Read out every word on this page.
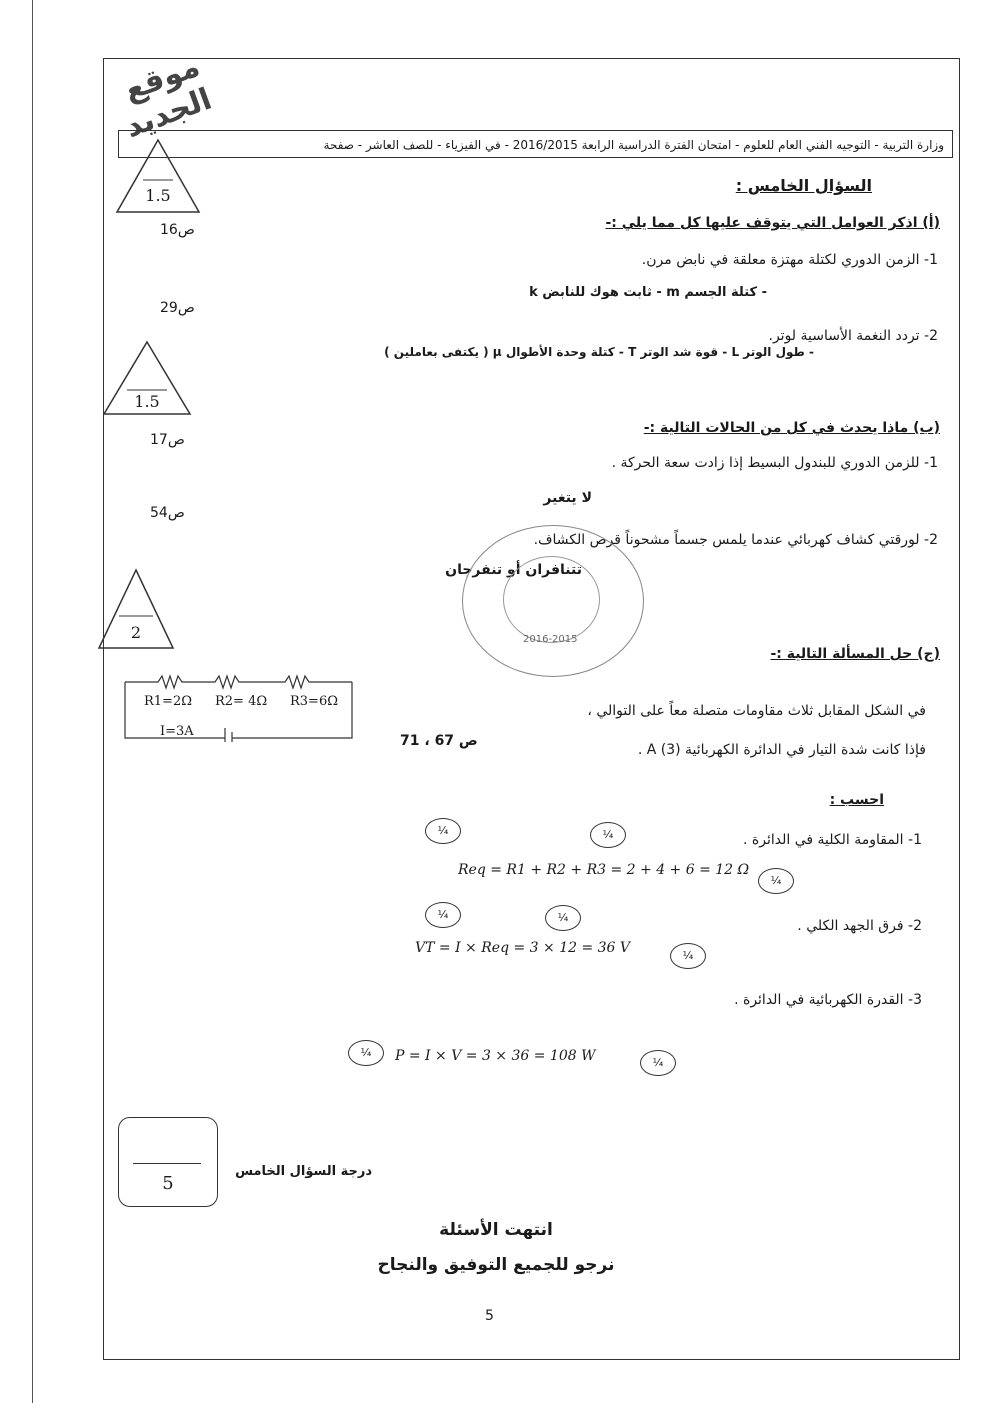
موقع الجديد	وزارة التربية - التوجيه الفني العام للعلوم - امتحان الفترة الدراسية الرابعة 2016/2015 - في الفيزياء - للصف العاشر - صفحة
السؤال الخامس :
(أ) اذكر العوامل التي يتوقف عليها كل مما يلي :-
1- الزمن الدوري لكتلة مهتزة معلقة في نابض مرن.
- كتلة الجسم m - ثابت هوك للنابض k
2- تردد النغمة الأساسية لوتر.
- طول الوتر L - قوة شد الوتر T - كتلة وحدة الأطوال μ ( يكتفى بعاملين )
ص16
ص29
1.5
1.5
(ب) ماذا يحدث في كل من الحالات التالية :-
1- للزمن الدوري للبندول البسيط إذا زادت سعة الحركة .
لا يتغير
2- لورقتي كشاف كهربائي عندما يلمس جسماً مشحوناً قرص الكشاف.
تتنافران أو تنفرجان
ص17
ص54
2016-2015
2
(ج) حل المسألة التالية :-
في الشكل المقابل ثلاث مقاومات متصلة معاً على التوالي ،
فإذا كانت شدة التيار في الدائرة الكهربائية A (3) .
ص 67 ، 71
R1=2Ω R2= 4Ω R3=6Ω
I=3A
احسب :
1- المقاومة الكلية في الدائرة .
Req = R1 + R2 + R3 = 2 + 4 + 6 = 12 Ω
2- فرق الجهد الكلي .
VT = I × Req = 3 × 12 = 36 V
3- القدرة الكهربائية في الدائرة .
P = I × V = 3 × 36 = 108 W
¼	¼
¼
¼	¼
¼
¼
¼
5
درجة السؤال الخامس
انتهت الأسئلة
نرجو للجميع التوفيق والنجاح
5
